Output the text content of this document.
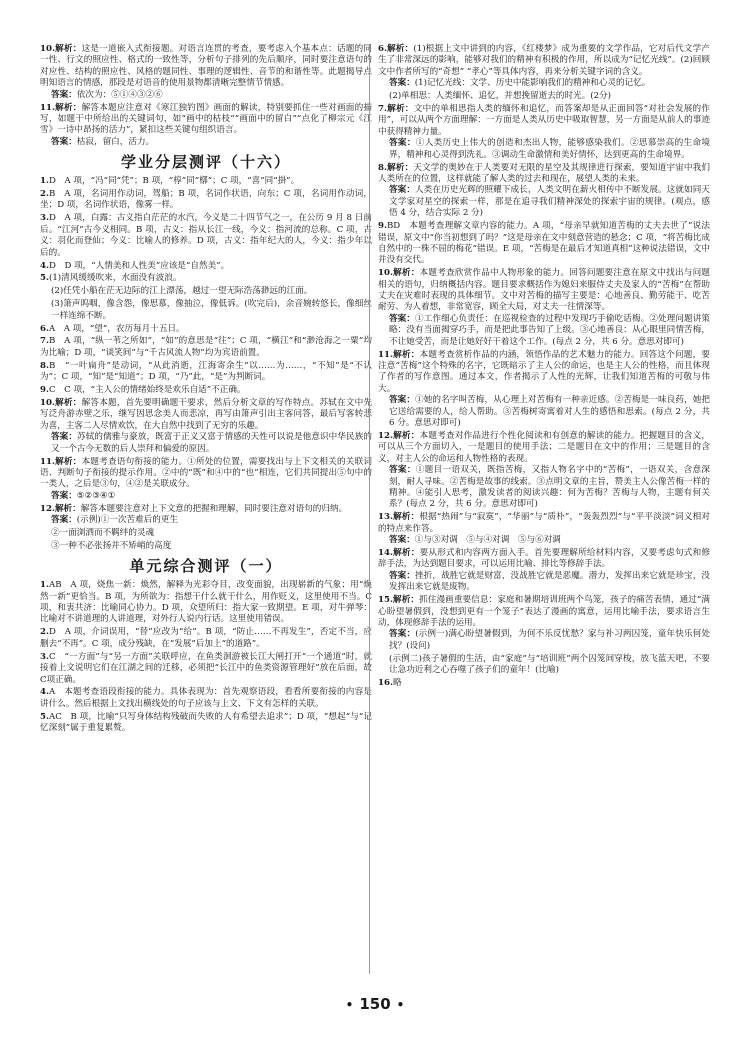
10.解析：这是一道嵌入式衔接题。对语言连贯的考查，要考虑入个基本点：话题的同一性、行文的照应性、格式的一致性等，分析句子排列的先后顺序，同时要注意语句的对应性、结构的照应性、风格的题同性、事理的逻辑性、音节的和谐性等。此题揭导点明知语言的情感，那段是对语音的使用景物都清晰完整情节情感。

答案：依次为：⑤①④③②⑥

11.解析：解答本题应注意对《寒江独钓图》画面的解读，特别要抓住一些对画面的描写，如题干中所给出的关键词句，如“画中的枯枝”“画面中的留白”“点化了柳宗元《江雪》一诗中昂扬的活力”，紧扣这些关键句组织语言。

答案：枯寂，留白，活力。

学业分层测评（十六）

1.D　A 项，“冯”同“凭”；B 项，“椁”同“槨”；C 项，“喜”同“掛”。

2.B　A 项，名词用作动词，驾船；B 项，名词作状语，向东；C 项，名词用作动词，坐；D 项，名词作状语，像雾一样。

3.D　A 项，白露：古义指白茫茫的水汽，今义是二十四节气之一，在公历 9 月 8 日前后。“江河”古今义相同。B 项，古义：指从长江一线，今义：指河流的总称。C 项，古义：羽化而登仙；今义：比喻人的修养。D 项，古义：指年纪大的人，今义：指少年以后的。

4.D　D 项，“人情美和人性美”应该是“自然美”。

5.(1)清风缓缓吹来，水面没有波浪。

(2)任凭小船在茫无边际的江上漂荡，越过一望无际浩荡渺远的江面。

(3)箫声呜咽，像含怨，像思慕，像抽泣，像低诉。(吹完后)，余音婉转悠长，像细丝一样连绵不断。

6.A　A 项，“望”，农历每月十五日。

7.B　A 项，“纵一苇之所如”，“如”的意思是“往”；C 项，“横江”和“渺沧海之一粟”均为比喻；D 项，“谈笑间”与“千古风流人物”均为宾语前置。

8.B　“一叶扁舟”是动词，“从此消逝，江海寄余生”以……为……，“不知”是“不认为”；C 项，“知”是“知道”；D 项，“乃”此，“是”为判断词。

9.C　C 项，“主人公的情绪始终是欢乐自适”不正确。

10.解析：解答本题，首先要明确题干要求，然后分析文章的写作特点。苏轼在文中先写泛舟游赤壁之乐，继写因思念美人而悲凉，再写由箫声引出主客问答，最后写客转悲为喜，主客二人尽情欢饮，在大自然中找到了无穷的乐趣。

答案：苏轼的儒雅与豪放，既富于正义又富于情感的天性可以说是他意识中华民族的又一个古今无数的后人崇拜和偏爱的原因。

11.解析：本题考查语句衔接的能力。①所处的位置，需要找出与上下文相关的关联词语、判断句子衔接的提示作用。②中的“既”和④中的“也”相连，它们共同提出⑤句中的一类人，之后是③句，④②是关联成分。

答案：⑤②③④①

12.解析：解答本题要注意对上下文意的把握和理解，同时要注意对语句的归纳。

答案：(示例)①一次苦难后的更生

②一面浏洒而不羁绊的灵魂

③一种不必张扬并不矫峭的高度

单元综合测评（一）

1.AB　A 项，烧焦一新：焕然，解释为光彩夺目，改变面貌，出现崭新的气象；用“焕然一新”更恰当。B 项，为所欲为：指想干什么就干什么，用作贬义，这里使用不当。C 项，和衷共济：比喻同心协力。D 项，众望所归：指大家一致期望。E 项，对牛弹琴：比喻对不讲道理的人讲道理，对外行人说内行话。这里使用错误。

2.D　A 项，介词误用，“替”应改为“给”。B 项，“防止……不再发生”，否定不当，应删去“不再”。C 项，成分残缺，在“发展”后加上“的道路”。

3.C　“一方面”与“另一方面”关联呼应，在鱼类洄游被长江大闸打开“一个通道”时，就接着上文说明它们在江湖之间的迁移，必须把“长江中的鱼类资源管理好”放在后面，故C项正确。

4.A　本题考查语段衔接的能力。具体表现为：首先观察语段，看看所要衔接的内容是讲什么。然后根据上文找出横线处的句子应该与上文、下文有怎样的关联。

5.AC　B 项，比喻“只写身体结构残破而失败的人有希望去追求”；D 项，“想起”与“记忆深刻”属于重复累赘。

6.解析：(1)根据上文中讲到的内容，《红楼梦》成为重要的文学作品，它对后代文学产生了非常深远的影响，能够对我们的精神有积极的作用，所以成为“记忆光线”。(2)回顾文中作者所写的“奇想” “孝心”等具体内容，再来分析关键字词的含义。

答案：(1)记忆光线：文学、历史中能影响我们的精神和心灵的记忆。

(2)单相思：人类缅怀、追忆，并想挽留逝去的时光。(2分)

7.解析：文中的单相思指人类的缅怀和追忆，而答案却是从正面回答“对社会发展的作用”，可以从两个方面理解：一方面是人类从历史中吸取智慧，另一方面是从前人的事迹中获得精神力量。

答案：①人类历史上伟大的创造和杰出人物，能够感染我们。②思慕崇高的生命境界，精神和心灵得到洗礼。③调动生命激情和美好情怀，达到更高的生命境界。

8.解析：天文学的奥妙在于人类要对无限的星空及其规律进行探索，要知道宇宙中我们人类所在的位置，这样就能了解人类的过去和现在，展望人类的未来。

答案：人类在历史光辉的照耀下成长，人类文明在薪火相传中不断发展。这就如同天文学家对星空的探索一样，那是在追寻我们精神深处的探索宇宙的规律。(观点，感悟 4 分，结合实际 2 分)

9.BD　本题考查理解文章内容的能力。A 项，“母亲早就知道苦梅的丈夫去世了”说法错误，原文中“你当初想到了吗？”这是母亲在文中刻意营造的悬念；C 项，“将苦梅比成自然中的一株不屈的梅花”错误。E 项，“苦梅是在最后才知道真相”这种说法错误，文中并没有交代。

10.解析：本题考查欣赏作品中人物形象的能力。回答问题要注意在原文中找出与问题相关的语句，归纳概括内容。题目要求概括作为媳妇来服侍丈夫及家人的“苦梅”在帮助丈夫在灾难时表现的具体细节。文中对苦梅的描写主要是：心地善良、勤劳能干、吃苦耐劳、为人着想，非常宽容，顾全大局，对丈夫一往情深等。

答案：①工作细心负责任：在巡视检查的过程中发现巧手偷吃话梅。②处理问题讲策略：没有当面揭穿巧手，而是把此事告知了上级。③心地善良：从心眼里同情苦梅，不让她受苦，而是让她好好干着这个工作。(每点 2 分，共 6 分。意思对即可)

11.解析：本题考查赏析作品的内涵，领悟作品的艺术魅力的能力。回答这个问题，要注意“苦梅”这个特殊的名字，它既暗示了主人公的命运，也是主人公的性格，而且体现了作者的写作意图。通过本文，作者揭示了人性的光辉，让我们知道苦梅的可敬与伟大。

答案：①她的名字叫苦梅，从心理上对苦梅有一种亲近感。②苦梅是一味良药，她把它送给需要的人，给人帮助。③苦梅树寄寓着对人生的感悟和思索。(每点 2 分，共 6 分。意思对即可)

12.解析：本题考查对作品进行个性化阅读和有创意的解读的能力。把握题目的含义，可以从三个方面切入，一是题目的使用手法；二是题目在文中的作用；三是题目的含义，对主人公的命运和人物性格的表现。

答案：①题目一语双关，既指苦梅，又指人物名字中的“苦梅”，一语双关，含意深刻，耐人寻味。②苦梅是故事的线索。③点明文章的主旨，赞美主人公像苦梅一样的精神。④能引人思考，激发读者的阅读兴趣：何为苦梅？苦梅与人物，主题有何关系？(每点 2 分，共 6 分。意思对即可)

13.解析：根据“热闹”与“寂寞”，“华丽”与“质朴”，“轰轰烈烈”与“平平淡淡”词义相对的特点来作答。

答案：①与③对调　⑤与④对调　⑤与⑥对调

14.解析：要从形式和内容两方面入手。首先要理解所给材料内容，又要考虑句式和修辞手法，为达到题目要求，可以运用比喻、排比等修辞手法。

答案：挫折，战胜它就是财富，没战胜它就是恶魔。潜力，发挥出来它就是珍宝，没发挥出来它就是废物。

15.解析：抓住漫画重要信息：家庭和暑期培训班两个鸟笼，孩子的痛苦表情，通过“满心盼望暑假到，没想到更有一个笼子”表达了漫画的寓意，运用比喻手法，要求语言生动，体现修辞手法的运用。

答案：(示例一)满心盼望暑假到，为何不乐反忧愁？家与补习两囚笼，童年快乐何处找？(设问)

(示例二)孩子暑假的生活，由“家庭”与“培训班”两个囚笼间穿梭，放飞蓝天吧，不要让急功近利之心吞噬了孩子们的童年！(比喻)

16.略

• 150 •
